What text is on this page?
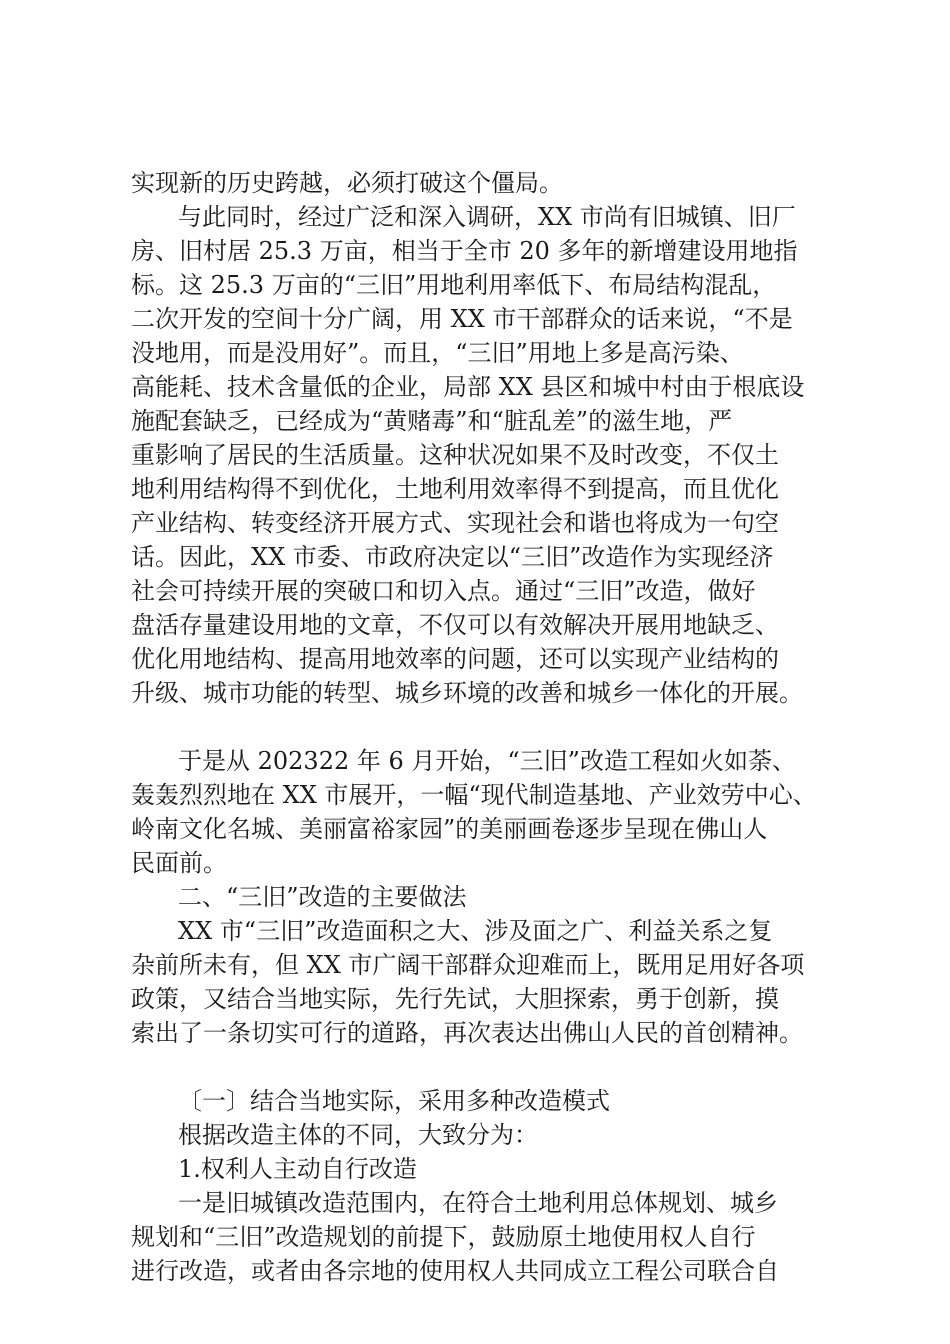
实现新的历史跨越，必须打破这个僵局。
与此同时，经过广泛和深入调研，XX 市尚有旧城镇、旧厂
房、旧村居 25.3 万亩，相当于全市 20 多年的新增建设用地指
标。这 25.3 万亩的“三旧”用地利用率低下、布局结构混乱，
二次开发的空间十分广阔，用 XX 市干部群众的话来说，“不是
没地用，而是没用好”。而且，“三旧”用地上多是高污染、
高能耗、技术含量低的企业，局部 XX 县区和城中村由于根底设
施配套缺乏，已经成为“黄赌毒”和“脏乱差”的滋生地，严
重影响了居民的生活质量。这种状况如果不及时改变，不仅土
地利用结构得不到优化，土地利用效率得不到提高，而且优化
产业结构、转变经济开展方式、实现社会和谐也将成为一句空
话。因此，XX 市委、市政府决定以“三旧”改造作为实现经济
社会可持续开展的突破口和切入点。通过“三旧”改造，做好
盘活存量建设用地的文章，不仅可以有效解决开展用地缺乏、
优化用地结构、提高用地效率的问题，还可以实现产业结构的
升级、城市功能的转型、城乡环境的改善和城乡一体化的开展。
于是从 202322 年 6 月开始，“三旧”改造工程如火如荼、
轰轰烈烈地在 XX 市展开，一幅“现代制造基地、产业效劳中心、
岭南文化名城、美丽富裕家园”的美丽画卷逐步呈现在佛山人
民面前。
二、“三旧”改造的主要做法
XX 市“三旧”改造面积之大、涉及面之广、利益关系之复
杂前所未有，但 XX 市广阔干部群众迎难而上，既用足用好各项
政策，又结合当地实际，先行先试，大胆探索，勇于创新，摸
索出了一条切实可行的道路，再次表达出佛山人民的首创精神。
〔一〕结合当地实际，采用多种改造模式
根据改造主体的不同，大致分为：
1.权利人主动自行改造
一是旧城镇改造范围内，在符合土地利用总体规划、城乡
规划和“三旧”改造规划的前提下，鼓励原土地使用权人自行
进行改造，或者由各宗地的使用权人共同成立工程公司联合自
